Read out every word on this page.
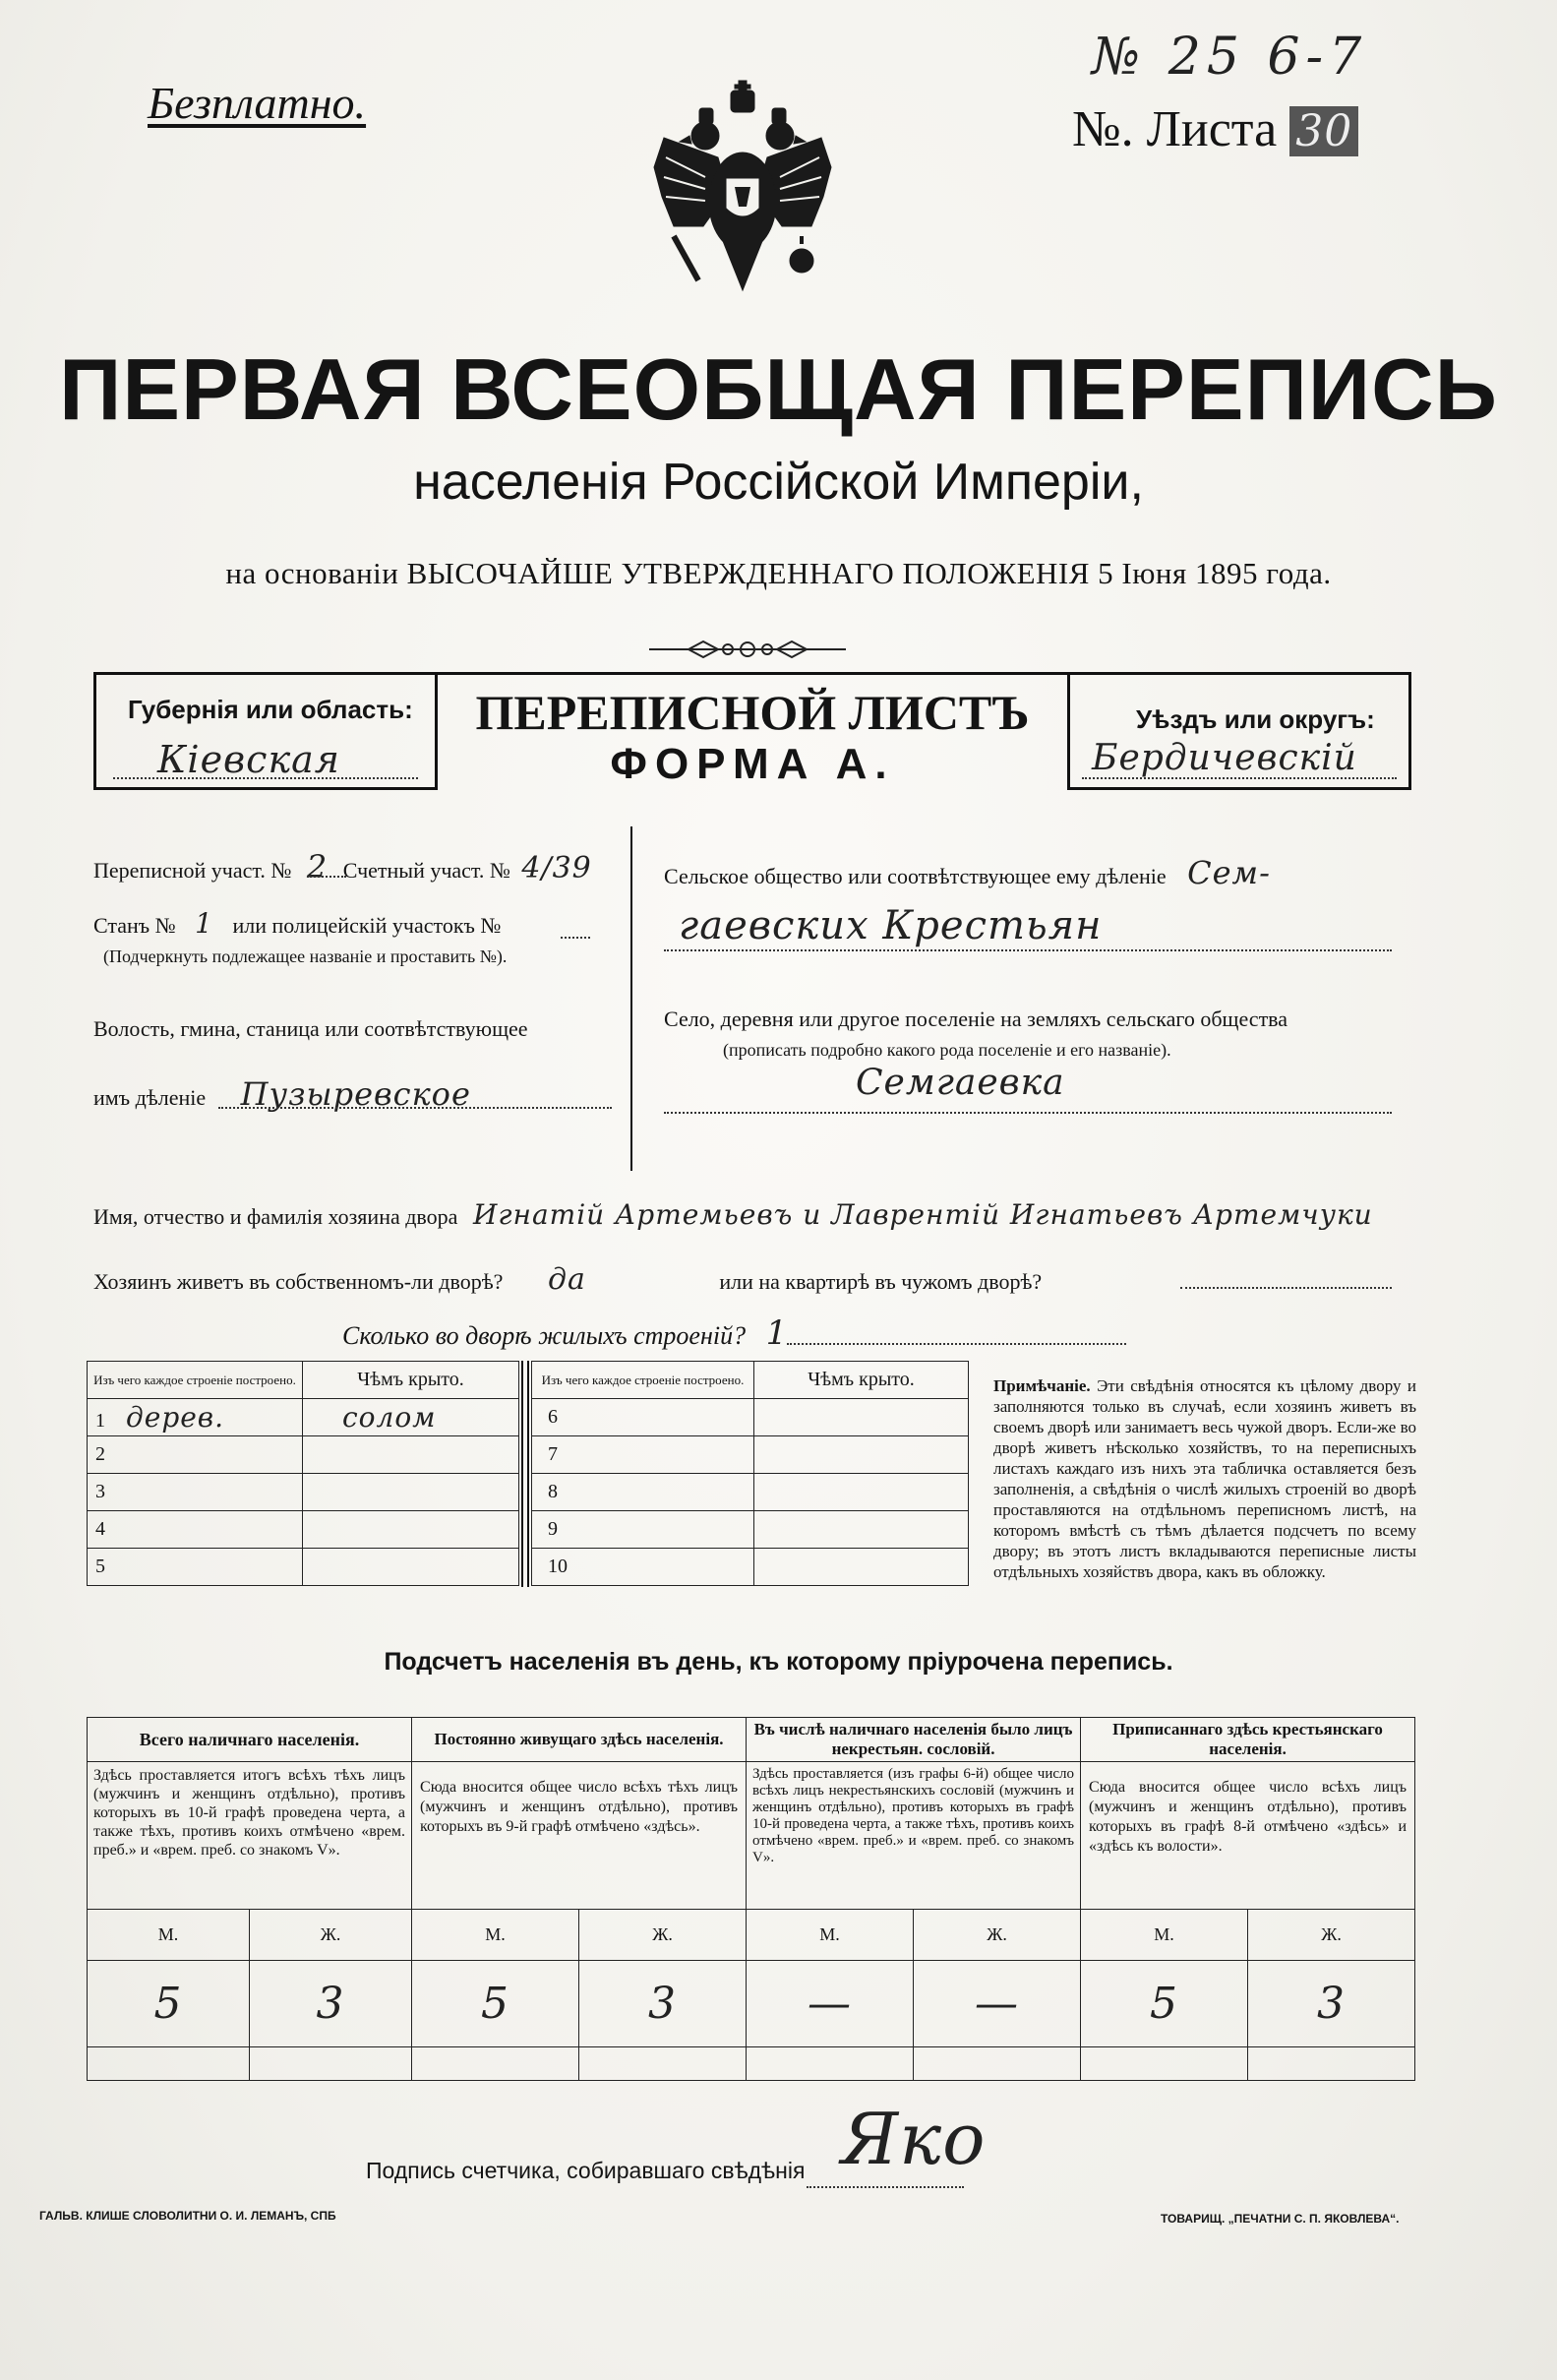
Безплатно.
№ 25 6-7
№. Листа 30
ПЕРВАЯ ВСЕОБЩАЯ ПЕРЕПИСЬ
населенія Россійской Имперіи,
на основаніи ВЫСОЧАЙШЕ УТВЕРЖДЕННАГО ПОЛОЖЕНІЯ 5 Іюня 1895 года.
Губернія или область:
Кіевская
ПЕРЕПИСНОЙ ЛИСТЪ
ФОРМА А.
Уѣздъ или округъ:
Бердичевскій
Переписной участ. № 2 Счетный участ. № 4/39
Станъ № 1 или полицейскій участокъ №
(Подчеркнуть подлежащее названіе и проставить №).
Волость, гмина, станица или соотвѣтствующее
имъ дѣленіе Пузыревское
Сельское общество или соотвѣтствующее ему дѣленіе Сем-
гаевских Крестьян
Село, деревня или другое поселеніе на земляхъ сельскаго общества
(прописать подробно какого рода поселеніе и его названіе).
Семгаевка
Имя, отчество и фамилія хозяина двора Игнатій Артемьевъ и Лаврентій Игнатьевъ Артемчуки
Хозяинъ живетъ въ собственномъ-ли дворѣ? да	или на квартирѣ въ чужомъ дворѣ?
Сколько во дворѣ жилыхъ строеній? 1
Изъ чего каждое строеніе построено.	Чѣмъ крыто.
1 дерев.	солом
2	
3	
4	
5	
Изъ чего каждое строеніе построено.	Чѣмъ крыто.
6	
7	
8	
9	
10	
Примѣчаніе. Эти свѣдѣнія относятся къ цѣлому двору и заполняются только въ случаѣ, если хозяинъ живетъ въ своемъ дворѣ или занимаетъ весь чужой дворъ. Если-же во дворѣ живетъ нѣсколько хозяйствъ, то на переписныхъ листахъ каждаго изъ нихъ эта табличка оставляется безъ заполненія, а свѣдѣнія о числѣ жилыхъ строеній во дворѣ проставляются на отдѣльномъ переписномъ листѣ, на которомъ вмѣстѣ съ тѣмъ дѣлается подсчетъ по всему двору; въ этотъ листъ вкладываются переписные листы отдѣльныхъ хозяйствъ двора, какъ въ обложку.
Подсчетъ населенія въ день, къ которому пріурочена перепись.
Всего наличнаго населенія.		Постоянно живущаго здѣсь населенія.		Въ числѣ наличнаго населенія было лицъ некрестьян. сословій.		Приписаннаго здѣсь крестьянскаго населенія.	
Здѣсь проставляется итогъ всѣхъ тѣхъ лицъ (мужчинъ и женщинъ отдѣльно), противъ которыхъ въ 10-й графѣ проведена черта, а также тѣхъ, противъ коихъ отмѣчено «врем. преб.» и «врем. преб. со знакомъ V».		Сюда вносится общее число всѣхъ тѣхъ лицъ (мужчинъ и женщинъ отдѣльно), противъ которыхъ въ 9-й графѣ отмѣчено «здѣсь».		Здѣсь проставляется (изъ графы 6-й) общее число всѣхъ лицъ некрестьянскихъ сословій (мужчинъ и женщинъ отдѣльно), противъ которыхъ въ графѣ 10-й проведена черта, а также тѣхъ, противъ коихъ отмѣчено «врем. преб.» и «врем. преб. со знакомъ V».		Сюда вносится общее число всѣхъ лицъ (мужчинъ и женщинъ отдѣльно), противъ которыхъ въ графѣ 8-й отмѣчено «здѣсь» и «здѣсь къ волости».	
М.	Ж.	М.	Ж.	М.	Ж.	М.	Ж.
5	3	5	3	—	—	5	3

Подпись счетчика, собиравшаго свѣдѣнія Яко
ГАЛЬВ. КЛИШЕ СЛОВОЛИТНИ О. И. ЛЕМАНЪ, СПБ	ТОВАРИЩ. „ПЕЧАТНИ С. П. ЯКОВЛЕВА“.
